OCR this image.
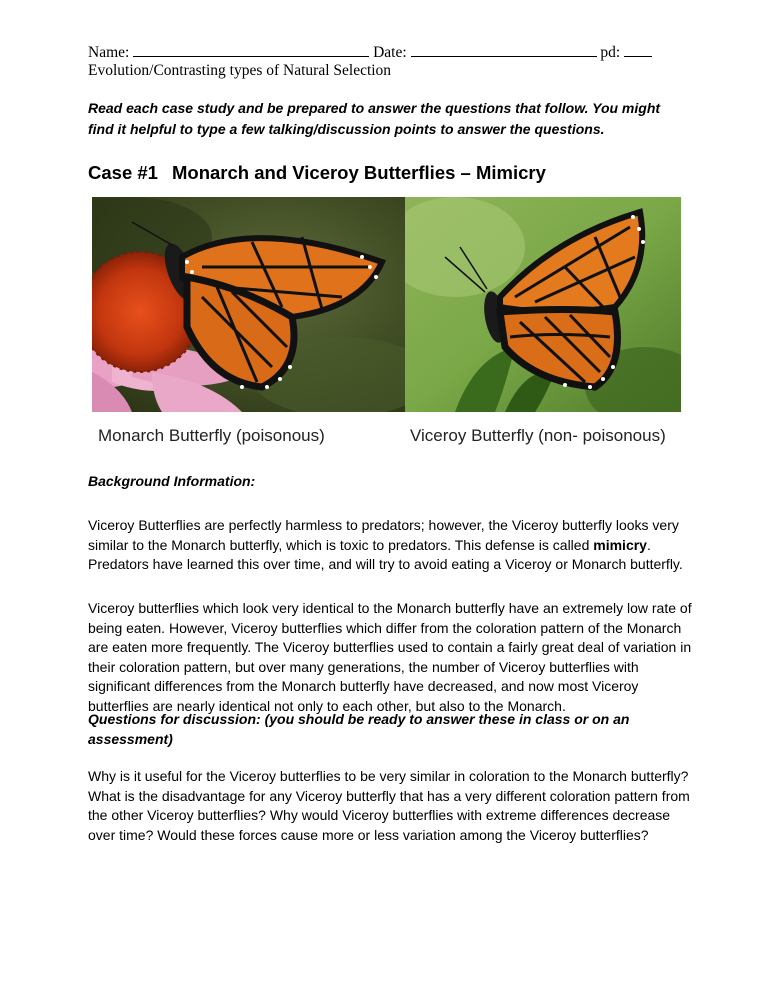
Name:	Date:	pd:
Evolution/Contrasting types of Natural Selection
Read each case study and be prepared to answer the questions that follow. You might find it helpful to type a few talking/discussion points to answer the questions.
Case #1 Monarch and Viceroy Butterflies – Mimicry
Monarch Butterfly (poisonous)	Viceroy Butterfly (non- poisonous)
Background Information:
Viceroy Butterflies are perfectly harmless to predators; however, the Viceroy butterfly looks very similar to the Monarch butterfly, which is toxic to predators. This defense is called mimicry. Predators have learned this over time, and will try to avoid eating a Viceroy or Monarch butterfly.
Viceroy butterflies which look very identical to the Monarch butterfly have an extremely low rate of being eaten. However, Viceroy butterflies which differ from the coloration pattern of the Monarch are eaten more frequently. The Viceroy butterflies used to contain a fairly great deal of variation in their coloration pattern, but over many generations, the number of Viceroy butterflies with significant differences from the Monarch butterfly have decreased, and now most Viceroy butterflies are nearly identical not only to each other, but also to the Monarch.
Questions for discussion: (you should be ready to answer these in class or on an assessment)
Why is it useful for the Viceroy butterflies to be very similar in coloration to the Monarch butterfly? What is the disadvantage for any Viceroy butterfly that has a very different coloration pattern from the other Viceroy butterflies? Why would Viceroy butterflies with extreme differences decrease over time? Would these forces cause more or less variation among the Viceroy butterflies?
